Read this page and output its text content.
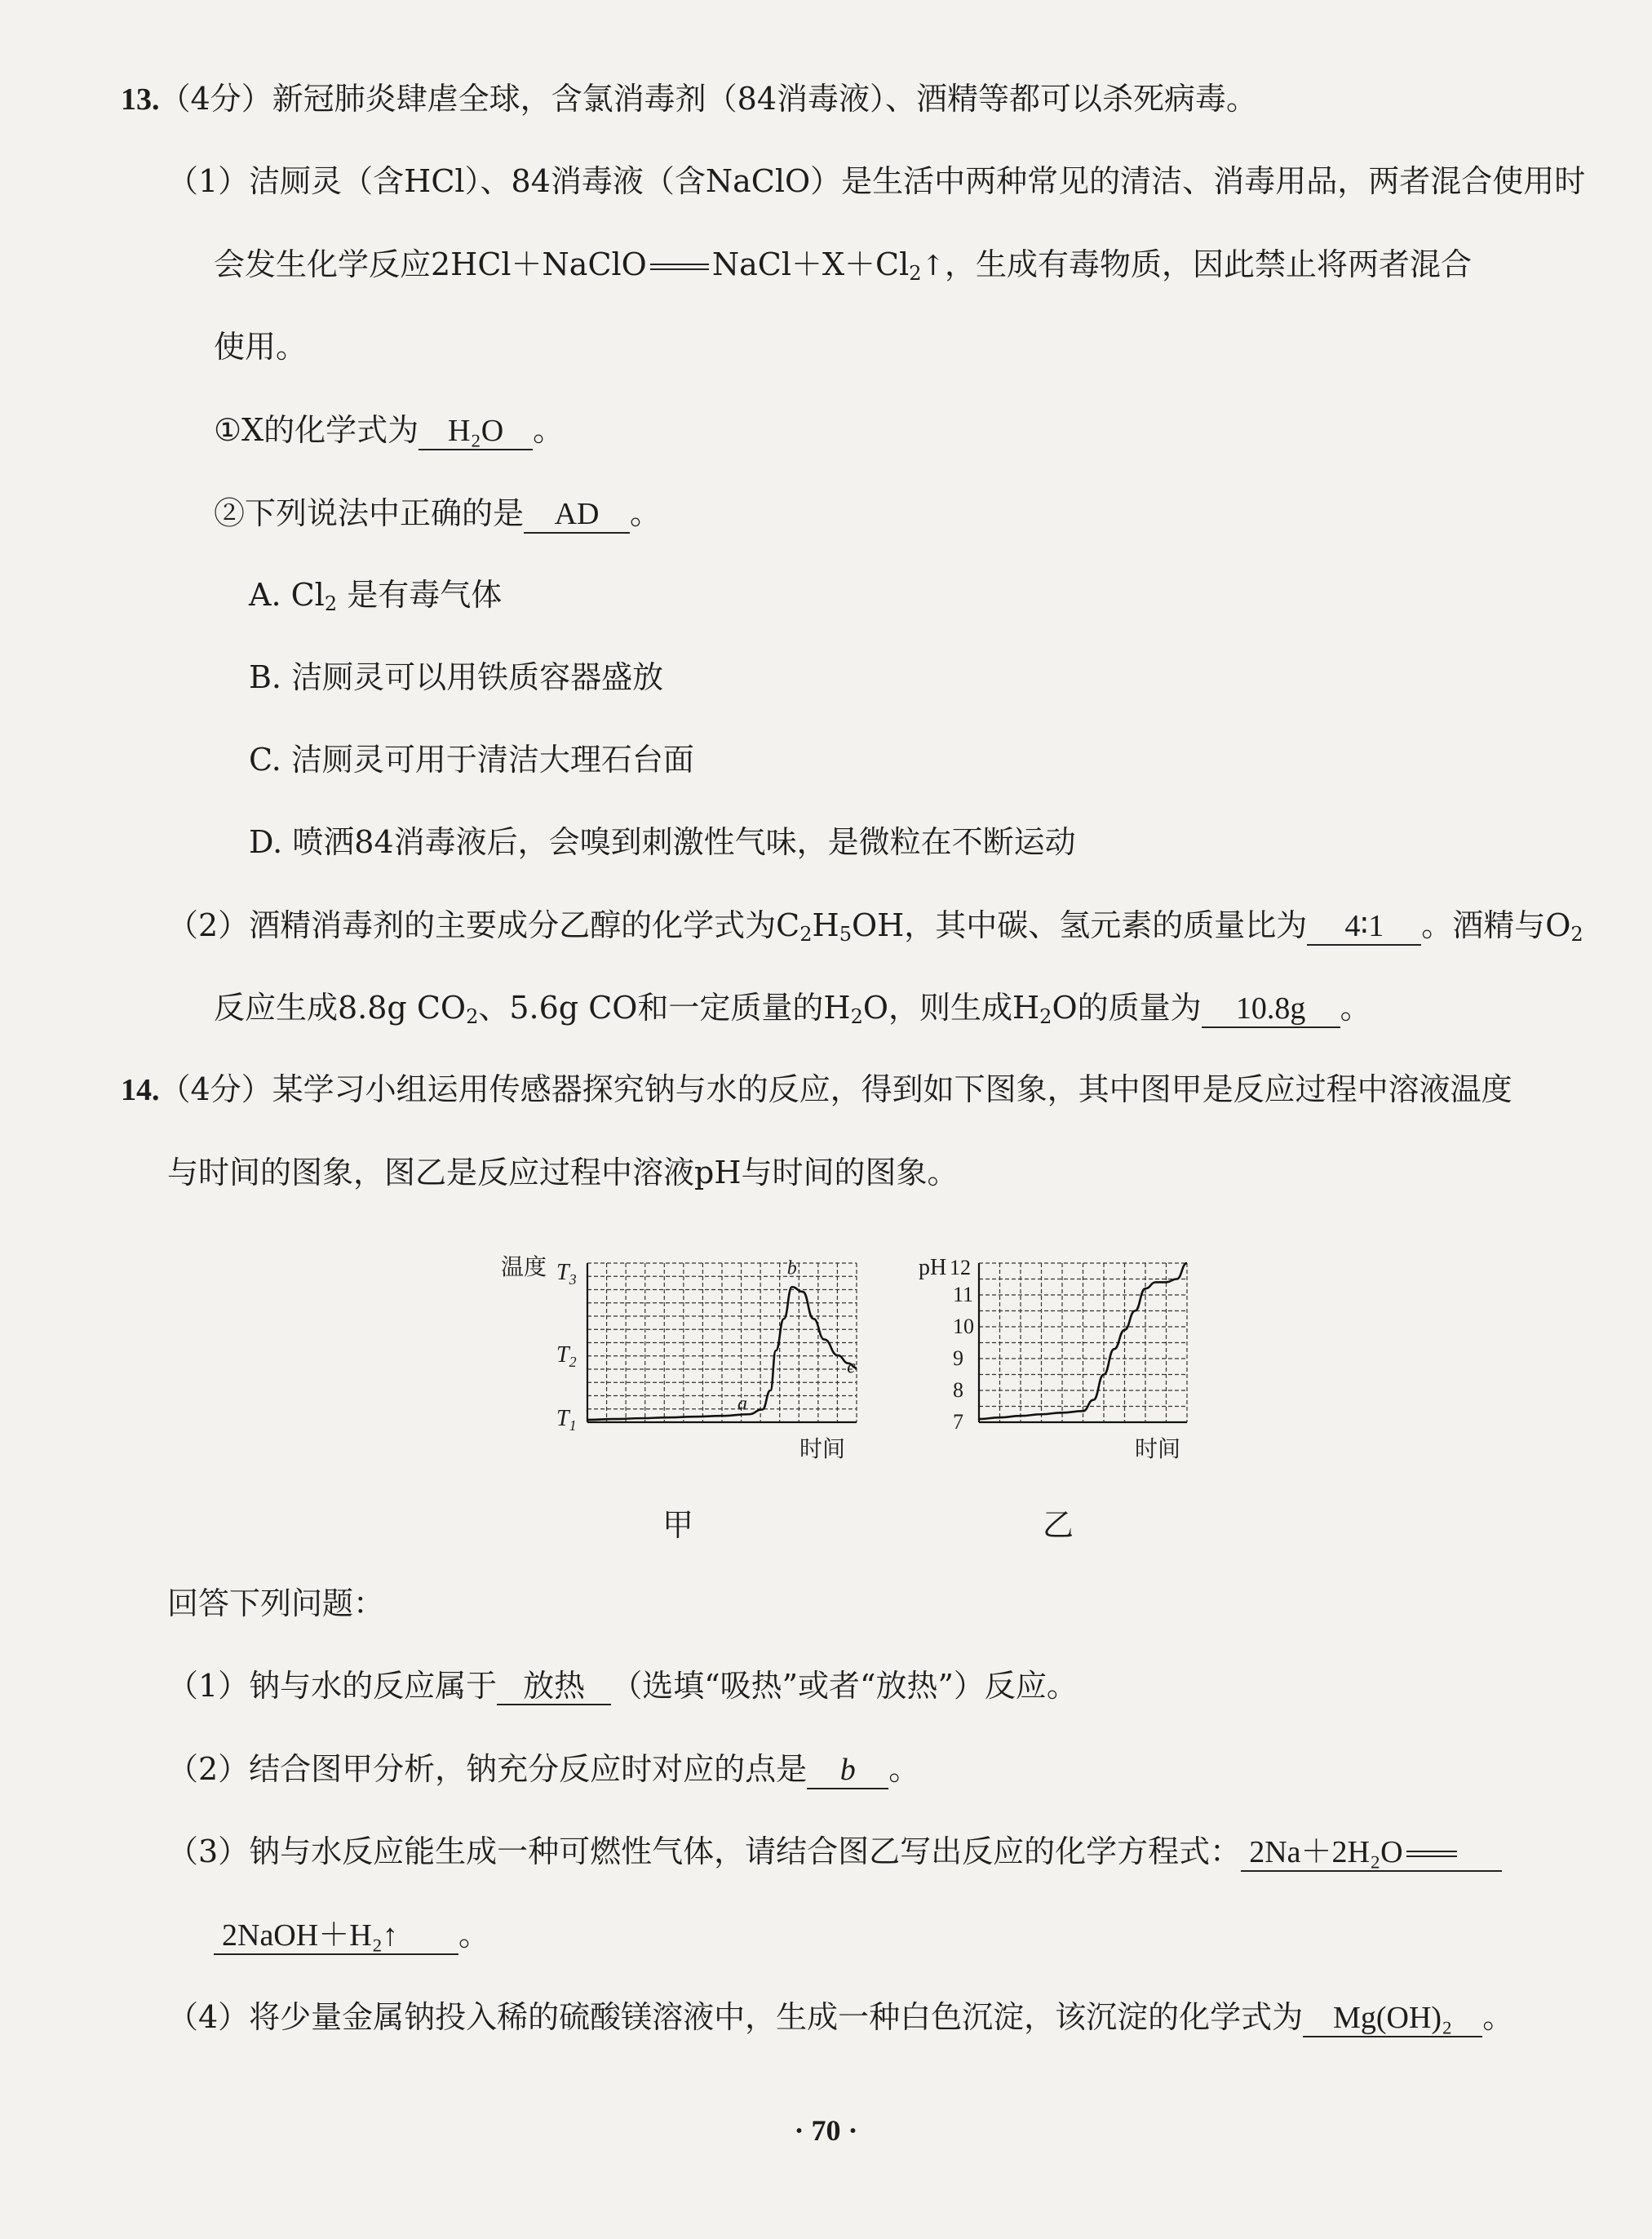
13.（4分）新冠肺炎肆虐全球，含氯消毒剂（84消毒液）、酒精等都可以杀死病毒。
（1）洁厕灵（含HCl）、84消毒液（含NaClO）是生活中两种常见的清洁、消毒用品，两者混合使用时
会发生化学反应2HCl＋NaClO $NaCl+X+Cl_2↑$，生成有毒物质，因此禁止将两者混合
使用。
①X的化学式为 H₂O 。
②下列说法中正确的是 AD 。
A. $Cl_2$ 是有毒气体
B. 洁厕灵可以用铁质容器盛放
C. 洁厕灵可用于清洁大理石台面
D. 喷洒84消毒液后，会嗅到刺激性气味，是微粒在不断运动
（2）酒精消毒剂的主要成分乙醇的化学式为$C_2H_5OH$，其中碳、氢元素的质量比为 4∶1 。酒精与$O_2$
反应生成8.8g $CO_2$、5.6g CO和一定质量的$H_2O$，则生成$H_2O$的质量为 10.8g 。
14.（4分）某学习小组运用传感器探究钠与水的反应，得到如下图象，其中图甲是反应过程中溶液温度
与时间的图象，图乙是反应过程中溶液pH与时间的图象。
温度
$T_1$
$T_2$
$T_3$
时间
a
b
c
甲
pH
7
8
9
10
11
12
时间
乙
回答下列问题：
（1）钠与水的反应属于 放热 （选填“吸热”或者“放热”）反应。
（2）结合图甲分析，钠充分反应时对应的点是 b 。
（3）钠与水反应能生成一种可燃性气体，请结合图乙写出反应的化学方程式： 2Na＋2H₂O
2NaOH＋H₂↑ 。
（4）将少量金属钠投入稀的硫酸镁溶液中，生成一种白色沉淀，该沉淀的化学式为 Mg(OH)₂ 。
· 70 ·
